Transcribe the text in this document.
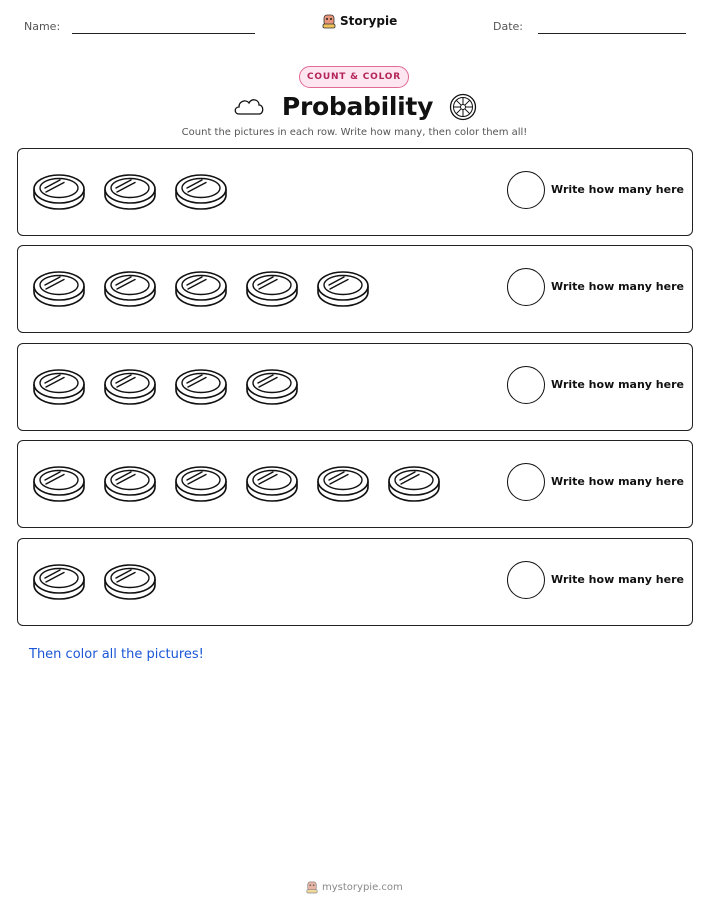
Name:	Storypie	Date:
COUNT & COLOR
Probability
Count the pictures in each row. Write how many, then color them all!
Write how many here
Write how many here
Write how many here
Write how many here
Write how many here
Then color all the pictures!
mystorypie.com
